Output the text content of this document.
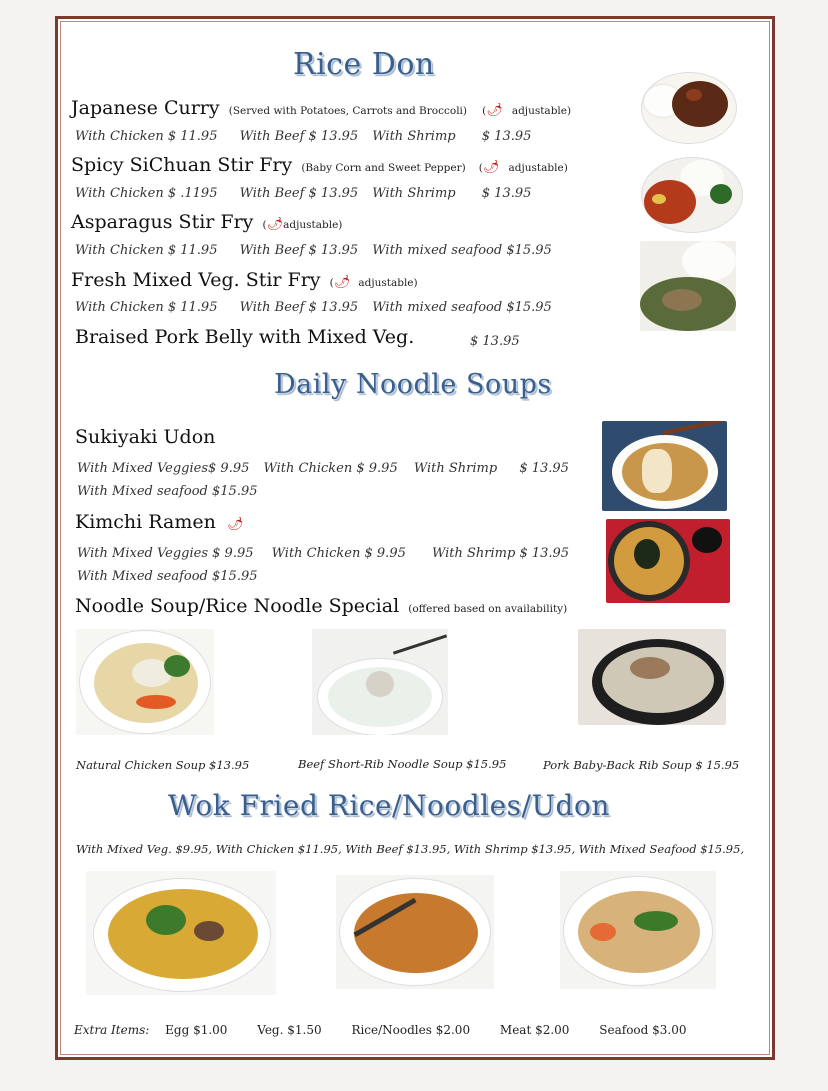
Rice Don
Japanese Curry (Served with Potatoes, Carrots and Broccoli) (🌶 adjustable)
With Chicken $ 11.95 With Beef $ 13.95 With Shrimp $ 13.95
Spicy SiChuan Stir Fry (Baby Corn and Sweet Pepper) (🌶 adjustable)
With Chicken $ .1195 With Beef $ 13.95 With Shrimp $ 13.95
Asparagus Stir Fry (🌶adjustable)
With Chicken $ 11.95 With Beef $ 13.95 With mixed seafood $15.95
Fresh Mixed Veg. Stir Fry (🌶 adjustable)
With Chicken $ 11.95 With Beef $ 13.95 With mixed seafood $15.95
Braised Pork Belly with Mixed Veg.	$ 13.95
Daily Noodle Soups
Sukiyaki Udon
With Mixed Veggies$ 9.95 With Chicken $ 9.95 With Shrimp $ 13.95
With Mixed seafood $15.95
Kimchi Ramen 🌶
With Mixed Veggies $ 9.95 With Chicken $ 9.95 With Shrimp $ 13.95
With Mixed seafood $15.95
Noodle Soup/Rice Noodle Special (offered based on availability)
Natural Chicken Soup $13.95	Beef Short-Rib Noodle Soup $15.95	Pork Baby-Back Rib Soup $ 15.95
Wok Fried Rice/Noodles/Udon
With Mixed Veg. $9.95, With Chicken $11.95, With Beef $13.95, With Shrimp $13.95, With Mixed Seafood $15.95,
Extra Items: Egg $1.00 Veg. $1.50 Rice/Noodles $2.00 Meat $2.00 Seafood $3.00
